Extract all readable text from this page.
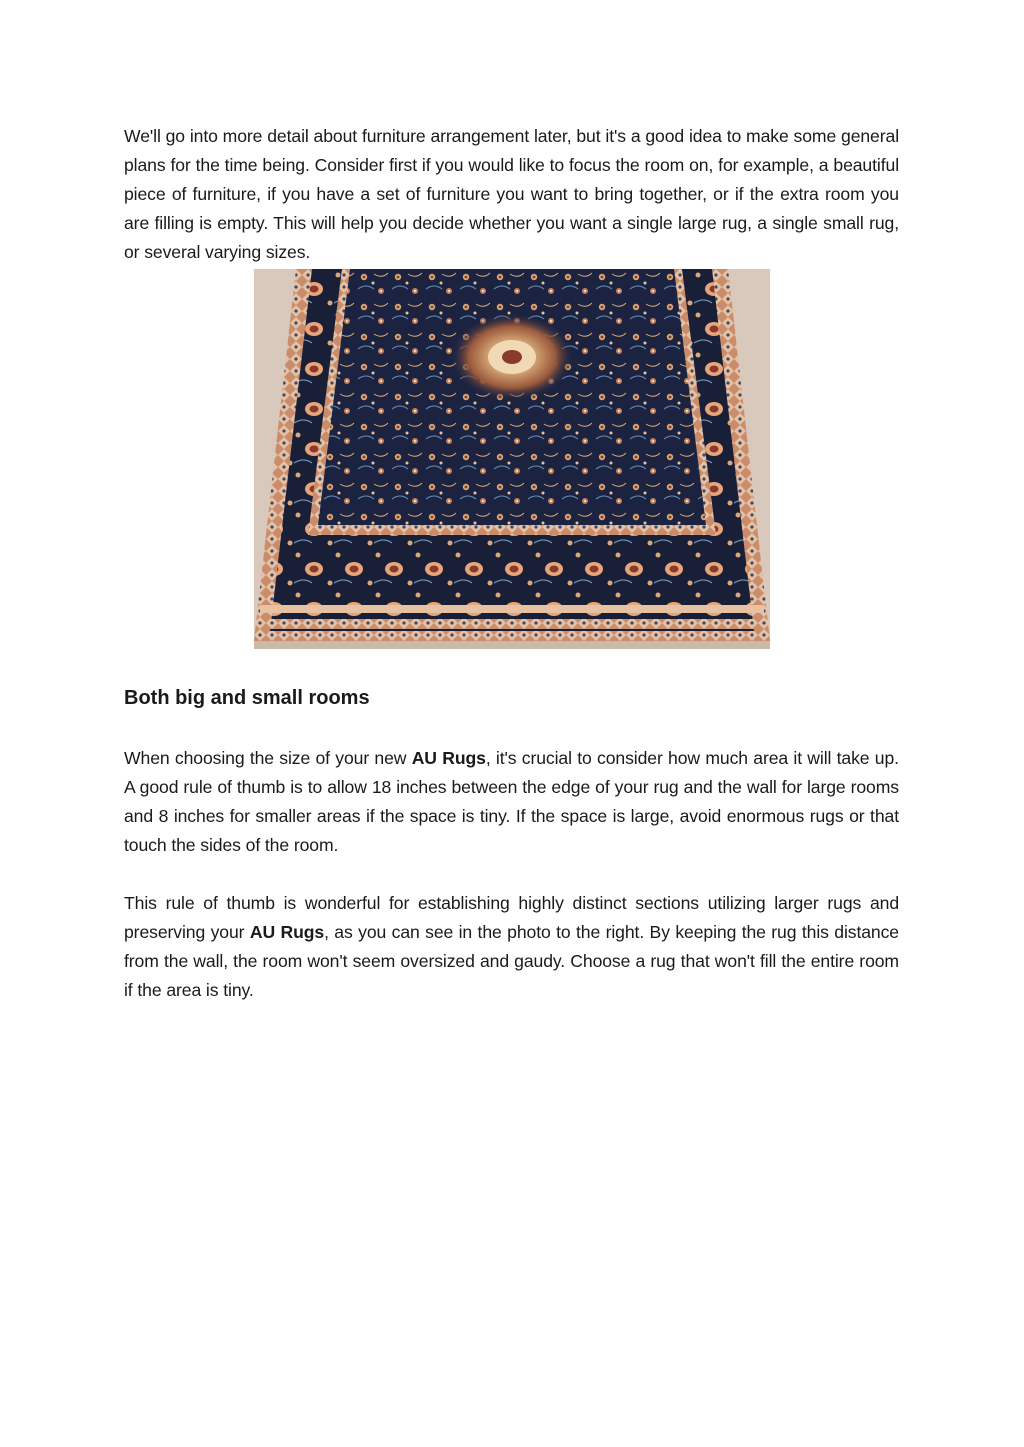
We'll go into more detail about furniture arrangement later, but it's a good idea to make some general plans for the time being. Consider first if you would like to focus the room on, for example, a beautiful piece of furniture, if you have a set of furniture you want to bring together, or if the extra room you are filling is empty. This will help you decide whether you want a single large rug, a single small rug, or several varying sizes.

Both big and small rooms

When choosing the size of your new AU Rugs, it's crucial to consider how much area it will take up. A good rule of thumb is to allow 18 inches between the edge of your rug and the wall for large rooms and 8 inches for smaller areas if the space is tiny. If the space is large, avoid enormous rugs or that touch the sides of the room.

This rule of thumb is wonderful for establishing highly distinct sections utilizing larger rugs and preserving your AU Rugs, as you can see in the photo to the right. By keeping the rug this distance from the wall, the room won't seem oversized and gaudy. Choose a rug that won't fill the entire room if the area is tiny.
